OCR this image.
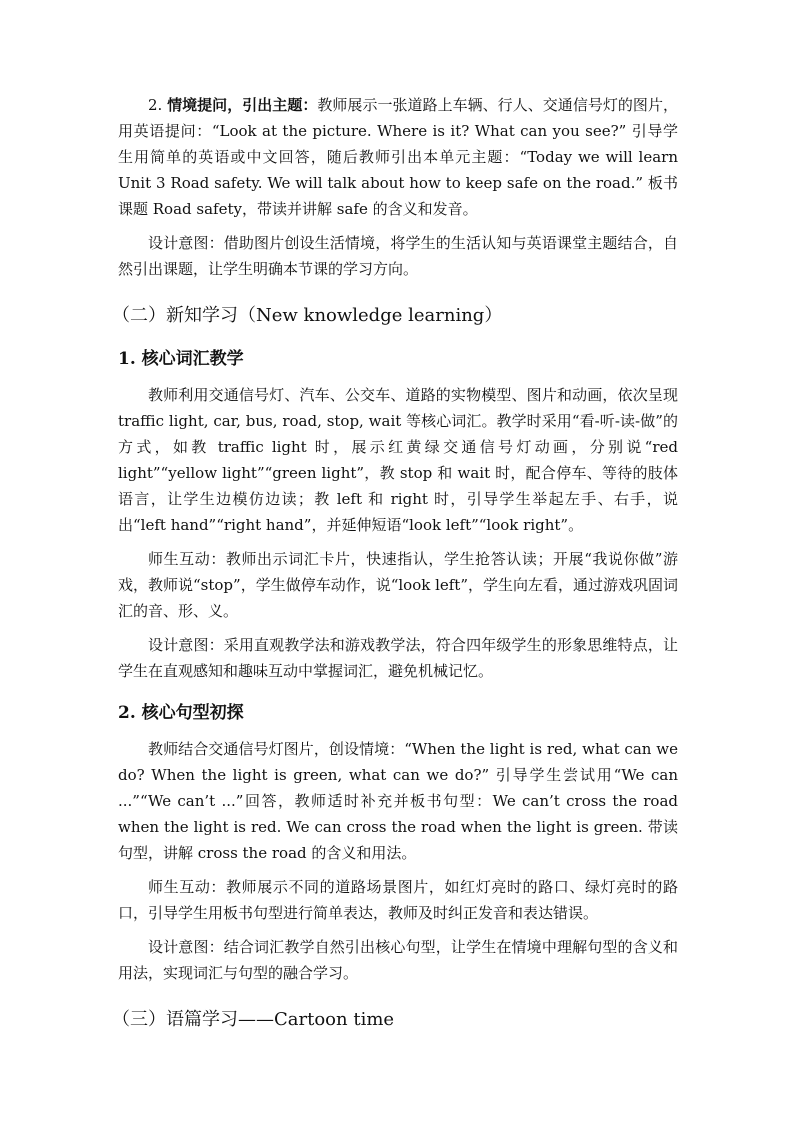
2. 情境提问，引出主题：教师展示一张道路上车辆、行人、交通信号灯的图片，用英语提问：“Look at the picture. Where is it? What can you see?” 引导学生用简单的英语或中文回答，随后教师引出本单元主题：“Today we will learn Unit 3 Road safety. We will talk about how to keep safe on the road.” 板书课题 Road safety，带读并讲解 safe 的含义和发音。

设计意图：借助图片创设生活情境，将学生的生活认知与英语课堂主题结合，自然引出课题，让学生明确本节课的学习方向。

（二）新知学习（New knowledge learning）
1. 核心词汇教学

教师利用交通信号灯、汽车、公交车、道路的实物模型、图片和动画，依次呈现 traffic light, car, bus, road, stop, wait 等核心词汇。教学时采用“看-听-读-做”的方式，如教 traffic light 时，展示红黄绿交通信号灯动画，分别说“red light”“yellow light”“green light”，教 stop 和 wait 时，配合停车、等待的肢体语言，让学生边模仿边读；教 left 和 right 时，引导学生举起左手、右手，说出“left hand”“right hand”，并延伸短语“look left”“look right”。

师生互动：教师出示词汇卡片，快速指认，学生抢答认读；开展“我说你做”游戏，教师说“stop”，学生做停车动作，说“look left”，学生向左看，通过游戏巩固词汇的音、形、义。

设计意图：采用直观教学法和游戏教学法，符合四年级学生的形象思维特点，让学生在直观感知和趣味互动中掌握词汇，避免机械记忆。

2. 核心句型初探

教师结合交通信号灯图片，创设情境：“When the light is red, what can we do? When the light is green, what can we do?” 引导学生尝试用“We can ...”“We can’t ...”回答，教师适时补充并板书句型：We can’t cross the road when the light is red. We can cross the road when the light is green. 带读句型，讲解 cross the road 的含义和用法。

师生互动：教师展示不同的道路场景图片，如红灯亮时的路口、绿灯亮时的路口，引导学生用板书句型进行简单表达，教师及时纠正发音和表达错误。

设计意图：结合词汇教学自然引出核心句型，让学生在情境中理解句型的含义和用法，实现词汇与句型的融合学习。

（三）语篇学习——Cartoon time
